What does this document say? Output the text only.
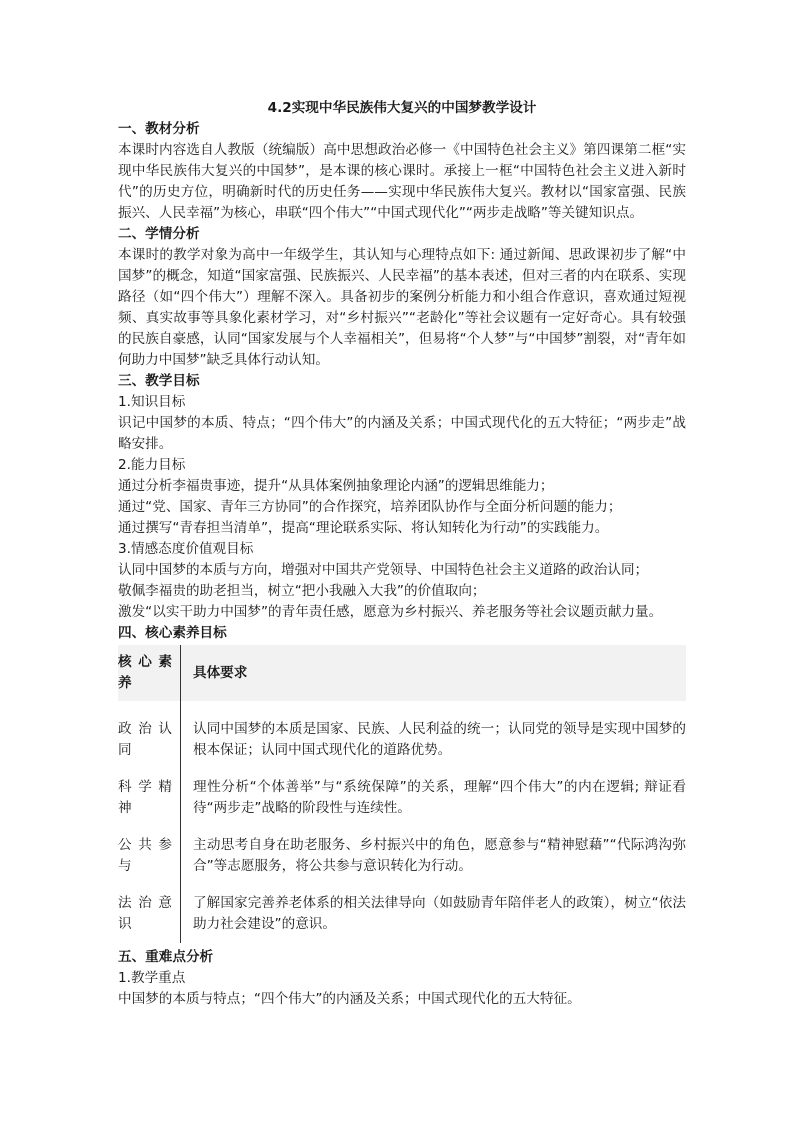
4.2实现中华民族伟大复兴的中国梦教学设计

一、教材分析

本课时内容选自人教版（统编版）高中思想政治必修一《中国特色社会主义》第四课第二框“实现中华民族伟大复兴的中国梦”，是本课的核心课时。承接上一框“中国特色社会主义进入新时代”的历史方位，明确新时代的历史任务——实现中华民族伟大复兴。教材以“国家富强、民族振兴、人民幸福”为核心，串联“四个伟大”“中国式现代化”“两步走战略”等关键知识点。

二、学情分析

本课时的教学对象为高中一年级学生，其认知与心理特点如下: 通过新闻、思政课初步了解“中国梦”的概念，知道“国家富强、民族振兴、人民幸福”的基本表述，但对三者的内在联系、实现路径（如“四个伟大”）理解不深入。具备初步的案例分析能力和小组合作意识，喜欢通过短视频、真实故事等具象化素材学习，对“乡村振兴”“老龄化”等社会议题有一定好奇心。具有较强的民族自豪感，认同“国家发展与个人幸福相关”，但易将“个人梦”与“中国梦”割裂，对“青年如何助力中国梦”缺乏具体行动认知。

三、教学目标

1.知识目标

识记中国梦的本质、特点；“四个伟大”的内涵及关系；中国式现代化的五大特征；“两步走”战略安排。

2.能力目标

通过分析李福贵事迹，提升“从具体案例抽象理论内涵”的逻辑思维能力；

通过“党、国家、青年三方协同”的合作探究，培养团队协作与全面分析问题的能力；

通过撰写“青春担当清单”，提高“理论联系实际、将认知转化为行动”的实践能力。

3.情感态度价值观目标

认同中国梦的本质与方向，增强对中国共产党领导、中国特色社会主义道路的政治认同；

敬佩李福贵的助老担当，树立“把小我融入大我”的价值取向；

激发“以实干助力中国梦”的青年责任感，愿意为乡村振兴、养老服务等社会议题贡献力量。

四、核心素养目标

核心素养	具体要求

政治认同	认同中国梦的本质是国家、民族、人民利益的统一；认同党的领导是实现中国梦的根本保证；认同中国式现代化的道路优势。
科学精神	理性分析“个体善举”与“系统保障”的关系，理解“四个伟大”的内在逻辑; 辩证看待“两步走”战略的阶段性与连续性。
公共参与	主动思考自身在助老服务、乡村振兴中的角色，愿意参与“精神慰藉”“代际鸿沟弥合”等志愿服务，将公共参与意识转化为行动。
法治意识	了解国家完善养老体系的相关法律导向（如鼓励青年陪伴老人的政策），树立“依法助力社会建设”的意识。

五、重难点分析

1.教学重点

中国梦的本质与特点；“四个伟大”的内涵及关系；中国式现代化的五大特征。
